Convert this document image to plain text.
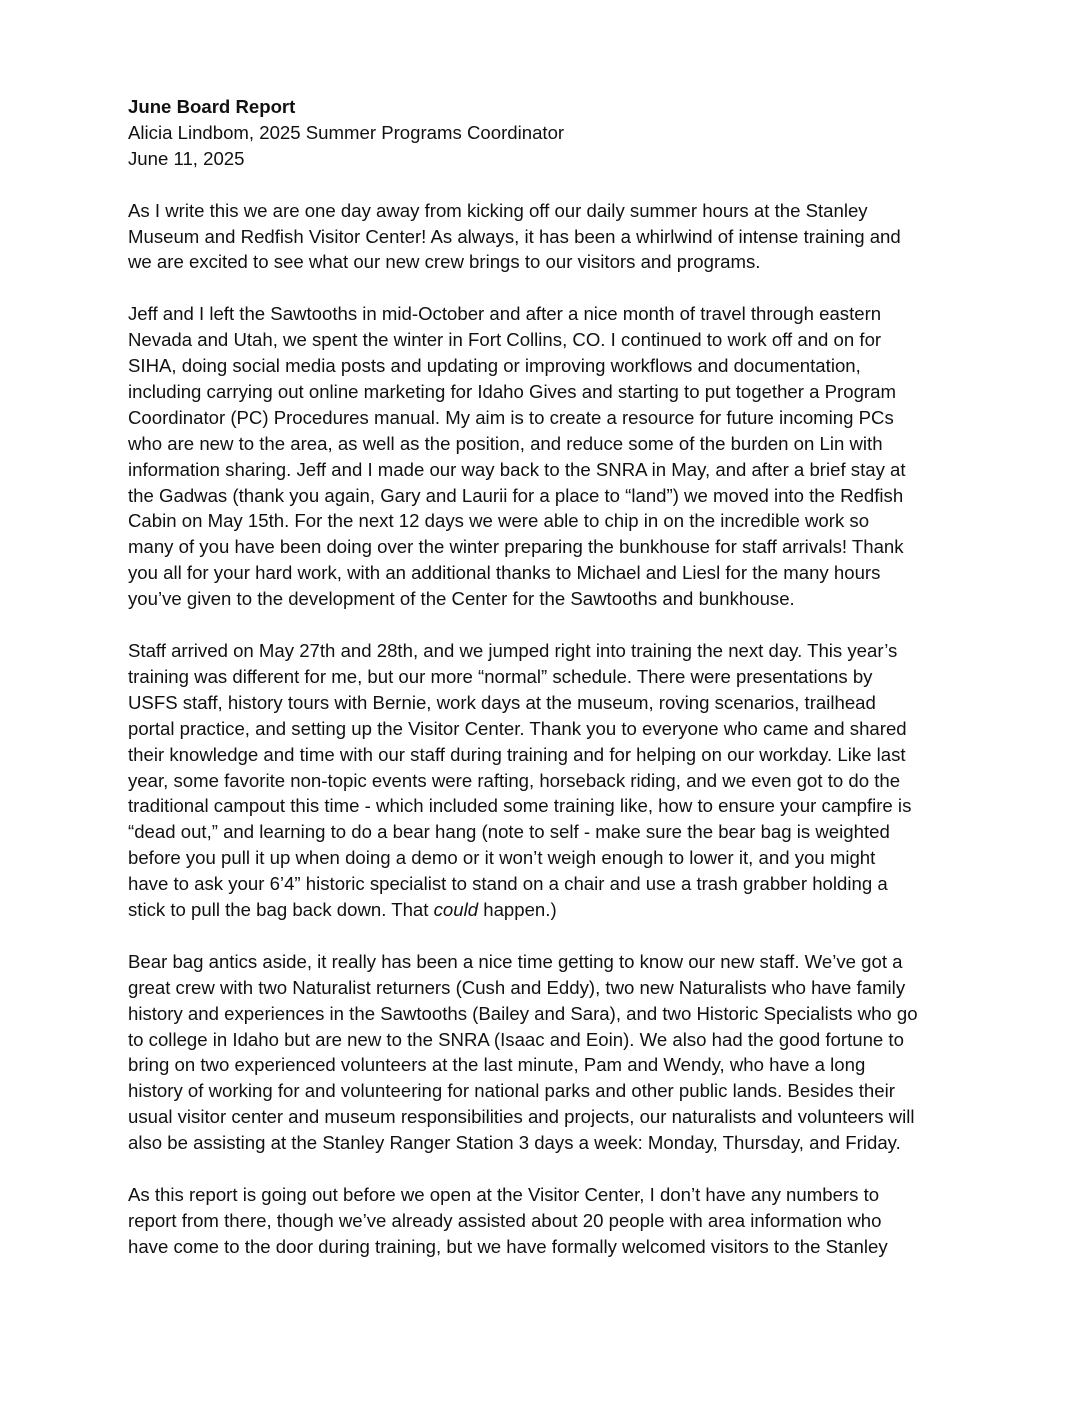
June Board Report

Alicia Lindbom, 2025 Summer Programs Coordinator

June 11, 2025

As I write this we are one day away from kicking off our daily summer hours at the Stanley
Museum and Redfish Visitor Center! As always, it has been a whirlwind of intense training and
we are excited to see what our new crew brings to our visitors and programs.

Jeff and I left the Sawtooths in mid-October and after a nice month of travel through eastern
Nevada and Utah, we spent the winter in Fort Collins, CO. I continued to work off and on for
SIHA, doing social media posts and updating or improving workflows and documentation,
including carrying out online marketing for Idaho Gives and starting to put together a Program
Coordinator (PC) Procedures manual. My aim is to create a resource for future incoming PCs
who are new to the area, as well as the position, and reduce some of the burden on Lin with
information sharing. Jeff and I made our way back to the SNRA in May, and after a brief stay at
the Gadwas (thank you again, Gary and Laurii for a place to “land”) we moved into the Redfish
Cabin on May 15th. For the next 12 days we were able to chip in on the incredible work so
many of you have been doing over the winter preparing the bunkhouse for staff arrivals! Thank
you all for your hard work, with an additional thanks to Michael and Liesl for the many hours
you’ve given to the development of the Center for the Sawtooths and bunkhouse.

Staff arrived on May 27th and 28th, and we jumped right into training the next day. This year’s
training was different for me, but our more “normal” schedule. There were presentations by
USFS staff, history tours with Bernie, work days at the museum, roving scenarios, trailhead
portal practice, and setting up the Visitor Center. Thank you to everyone who came and shared
their knowledge and time with our staff during training and for helping on our workday. Like last
year, some favorite non-topic events were rafting, horseback riding, and we even got to do the
traditional campout this time - which included some training like, how to ensure your campfire is
“dead out,” and learning to do a bear hang (note to self - make sure the bear bag is weighted
before you pull it up when doing a demo or it won’t weigh enough to lower it, and you might
have to ask your 6’4” historic specialist to stand on a chair and use a trash grabber holding a
stick to pull the bag back down. That could happen.)

Bear bag antics aside, it really has been a nice time getting to know our new staff. We’ve got a
great crew with two Naturalist returners (Cush and Eddy), two new Naturalists who have family
history and experiences in the Sawtooths (Bailey and Sara), and two Historic Specialists who go
to college in Idaho but are new to the SNRA (Isaac and Eoin). We also had the good fortune to
bring on two experienced volunteers at the last minute, Pam and Wendy, who have a long
history of working for and volunteering for national parks and other public lands. Besides their
usual visitor center and museum responsibilities and projects, our naturalists and volunteers will
also be assisting at the Stanley Ranger Station 3 days a week: Monday, Thursday, and Friday.

As this report is going out before we open at the Visitor Center, I don’t have any numbers to
report from there, though we’ve already assisted about 20 people with area information who
have come to the door during training, but we have formally welcomed visitors to the Stanley
